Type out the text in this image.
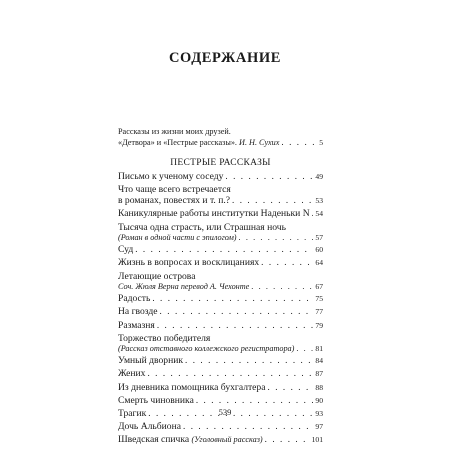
СОДЕРЖАНИЕ
Рассказы из жизни моих друзей.
«Детвора» и «Пестрые рассказы». И. Н. Сухих . . .	5
ПЕСТРЫЕ РАССКАЗЫ
Письмо к ученому соседу . . .	49
Что чаще всего встречается
в романах, повестях и т. п.? . . .	53
Каникулярные работы институтки Наденьки N . . . 54
Тысяча одна страсть, или Страшная ночь
(Роман в одной части с эпилогом) . . .	57
Суд . . .	60
Жизнь в вопросах и восклицаниях . . .	64
Летающие острова
Соч. Жюля Верна перевод А. Чехонте . . .	67
Радость . . .	75
На гвозде . . .	77
Размазня . . .	79
Торжество победителя
(Рассказ отставного коллежского регистратора) . . .	81
Умный дворник . . .	84
Жених . . .	87
Из дневника помощника бухгалтера . . .	88
Смерть чиновника . . .	90
Трагик . . .	93
Дочь Альбиона . . .	97
Шведская спичка (Уголовный рассказ) . . .	101
539
